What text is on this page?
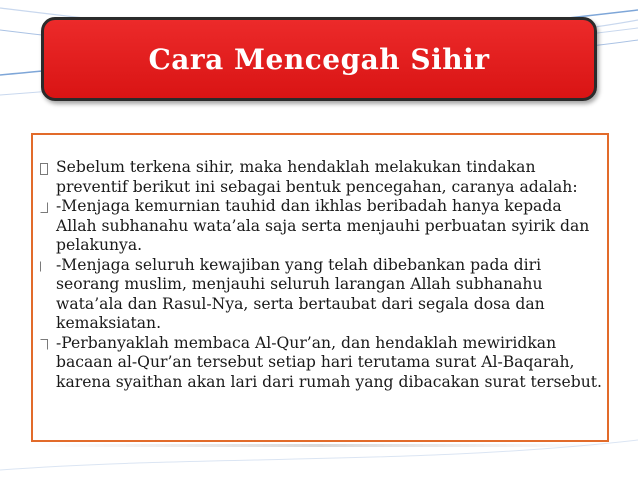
Cara Mencegah Sihir
Sebelum terkena sihir, maka hendaklah melakukan tindakan preventif berikut ini sebagai bentuk pencegahan, caranya adalah:
-Menjaga kemurnian tauhid dan ikhlas beribadah hanya kepada Allah subhanahu wata’ala saja serta menjauhi perbuatan syirik dan pelakunya.
-Menjaga seluruh kewajiban yang telah dibebankan pada diri seorang muslim, menjauhi seluruh larangan Allah subhanahu wata’ala dan Rasul-Nya, serta bertaubat dari segala dosa dan kemaksiatan.
-Perbanyaklah membaca Al-Qur’an, dan hendaklah mewiridkan bacaan al-Qur’an tersebut setiap hari terutama surat Al-Baqarah, karena syaithan akan lari dari rumah yang dibacakan surat tersebut.
